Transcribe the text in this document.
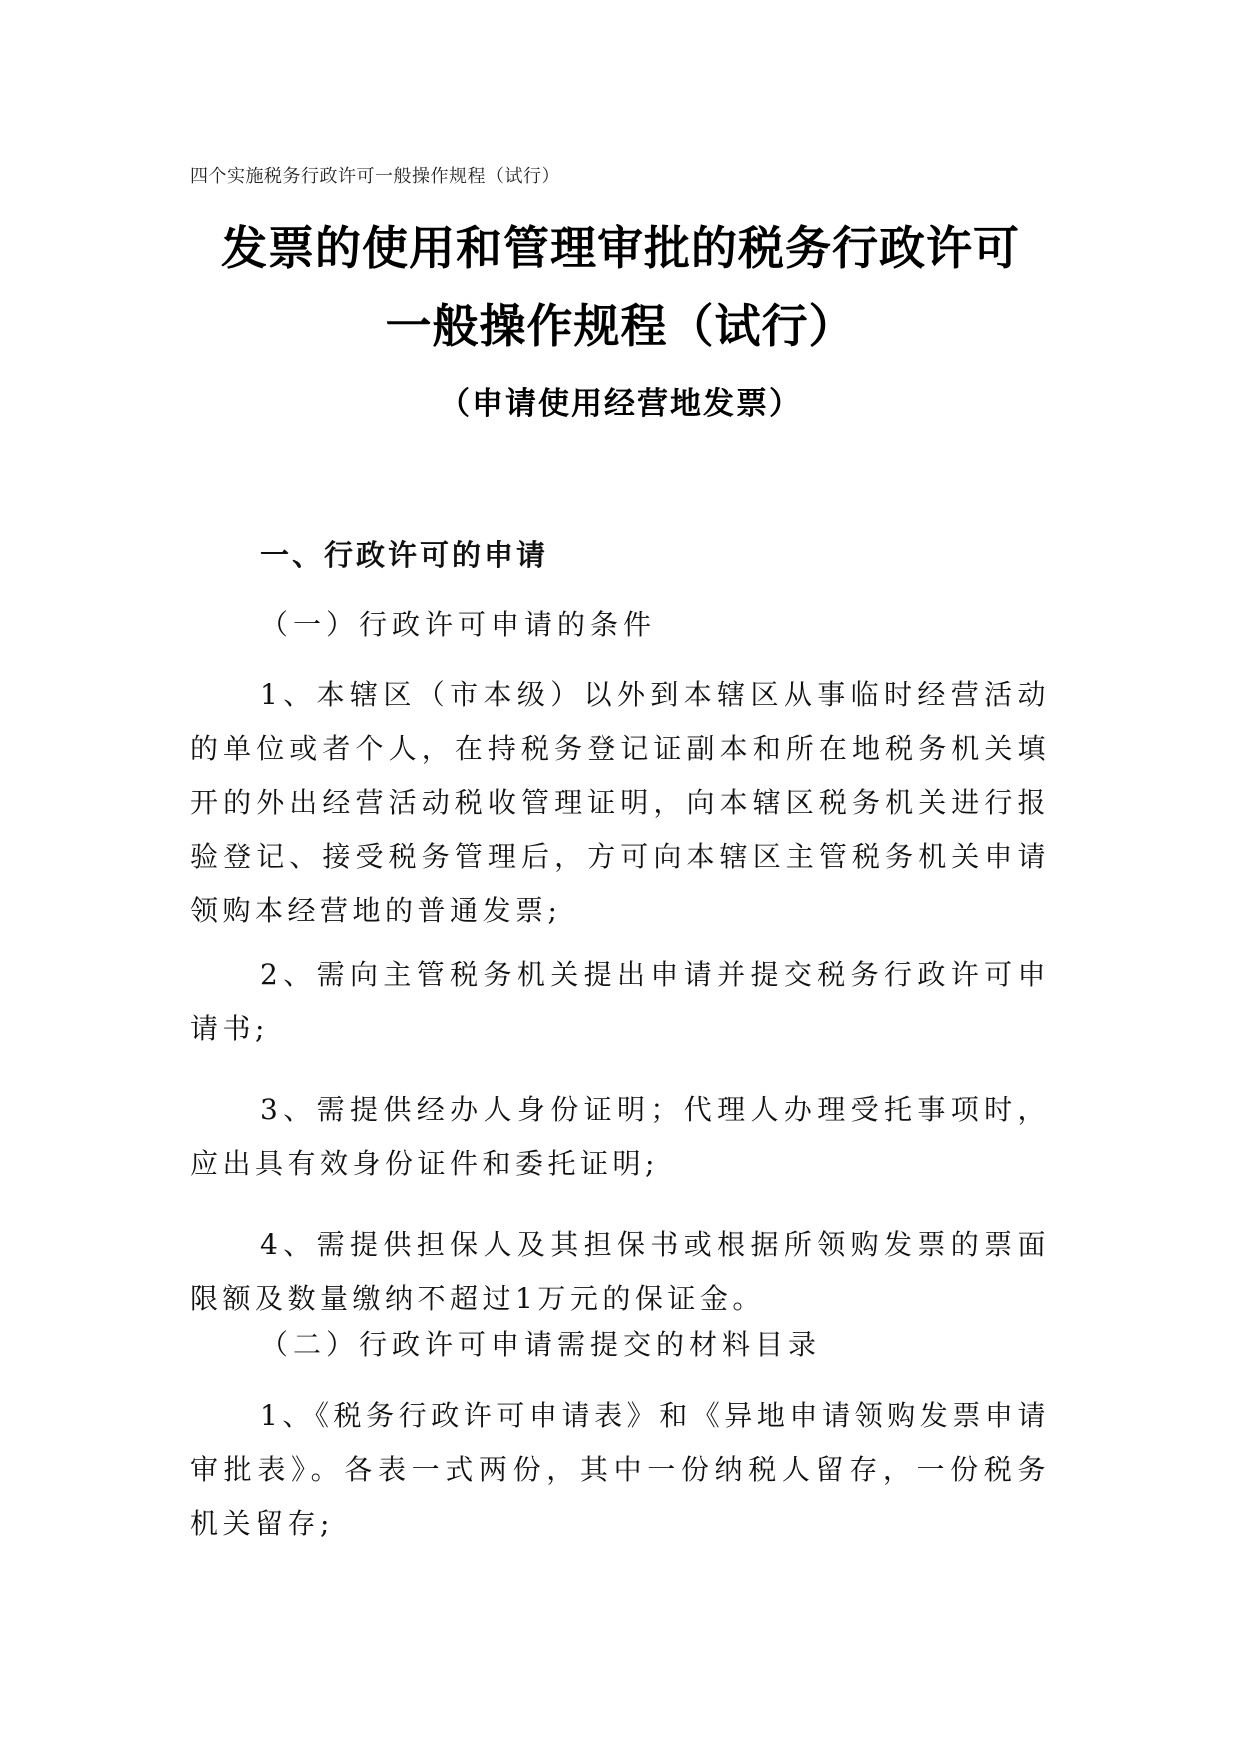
四个实施税务行政许可一般操作规程（试行）
发票的使用和管理审批的税务行政许可
一般操作规程（试行）
（申请使用经营地发票）
一、行政许可的申请
（一）行政许可申请的条件

1、本辖区（市本级）以外到本辖区从事临时经营活动的单位或者个人，在持税务登记证副本和所在地税务机关填开的外出经营活动税收管理证明，向本辖区税务机关进行报验登记、接受税务管理后，方可向本辖区主管税务机关申请领购本经营地的普通发票;

2、需向主管税务机关提出申请并提交税务行政许可申请书;

3、需提供经办人身份证明；代理人办理受托事项时，应出具有效身份证件和委托证明;

4、需提供担保人及其担保书或根据所领购发票的票面限额及数量缴纳不超过1万元的保证金。

（二）行政许可申请需提交的材料目录

1、《税务行政许可申请表》和《异地申请领购发票申请审批表》。各表一式两份，其中一份纳税人留存，一份税务机关留存;
